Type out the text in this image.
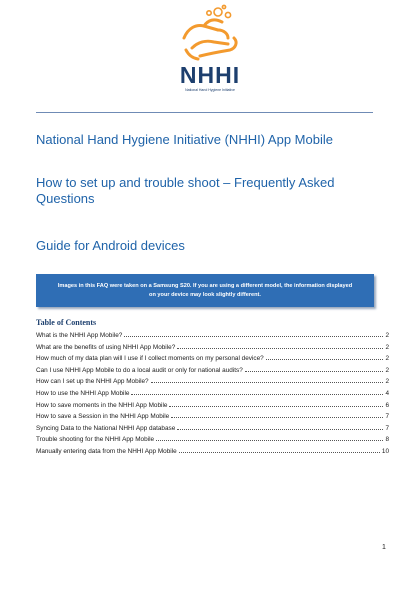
NHHI
National Hand Hygiene Initiative
National Hand Hygiene Initiative (NHHI) App Mobile
How to set up and trouble shoot – Frequently Asked Questions
Guide for Android devices
Images in this FAQ were taken on a Samsung S20. If you are using a different model, the information displayed on your device may look slightly different.
Table of Contents
What is the NHHI App Mobile?	2
What are the benefits of using NHHI App Mobile?	2
How much of my data plan will I use if I collect moments on my personal device?	2
Can I use NHHI App Mobile to do a local audit or only for national audits?	2
How can I set up the NHHI App Mobile?	2
How to use the NHHI App Mobile	4
How to save moments in the NHHI App Mobile	6
How to save a Session in the NHHI App Mobile	7
Syncing Data to the National NHHI App database	7
Trouble shooting for the NHHI App Mobile	8
Manually entering data from the NHHI App Mobile	10
1
